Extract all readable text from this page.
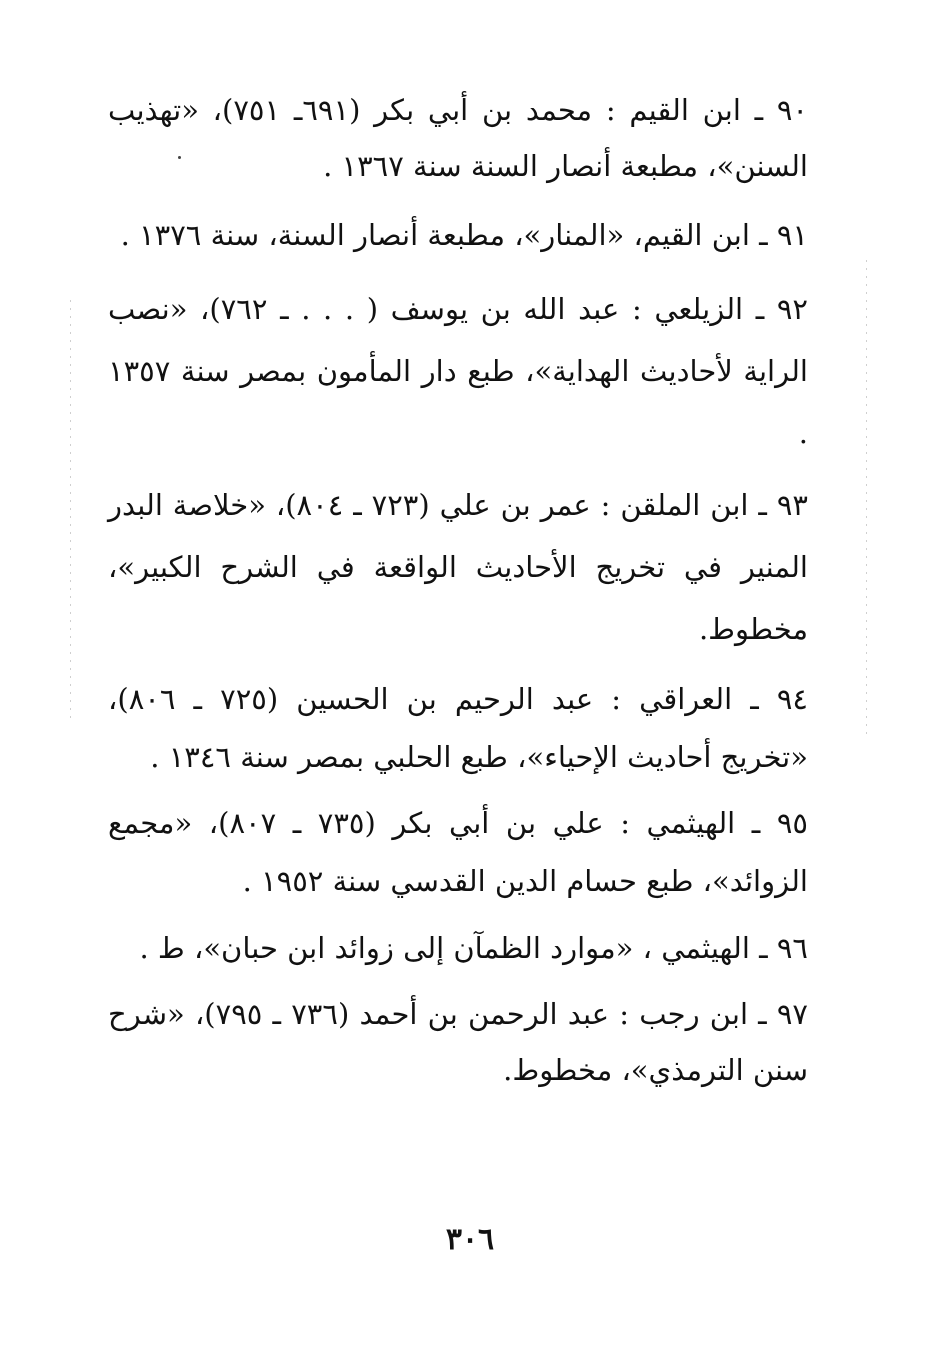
٩٠ ـ ابن القيم : محمد بن أبي بكر (٦٩١ـ ٧٥١)، «تهذيب السنن»، مطبعة أنصار السنة سنة ١٣٦٧ .

٩١ ـ ابن القيم، «المنار»، مطبعة أنصار السنة، سنة ١٣٧٦ .

٩٢ ـ الزيلعي : عبد الله بن يوسف ( . . . ـ ٧٦٢)، «نصب الراية لأحاديث الهداية»، طبع دار المأمون بمصر سنة ١٣٥٧ .

٩٣ ـ ابن الملقن : عمر بن علي (٧٢٣ ـ ٨٠٤)، «خلاصة البدر المنير في تخريج الأحاديث الواقعة في الشرح الكبير»، مخطوط.

٩٤ ـ العراقي : عبد الرحيم بن الحسين (٧٢٥ ـ ٨٠٦)، «تخريج أحاديث الإحياء»، طبع الحلبي بمصر سنة ١٣٤٦ .

٩٥ ـ الهيثمي : علي بن أبي بكر (٧٣٥ ـ ٨٠٧)، «مجمع الزوائد»، طبع حسام الدين القدسي سنة ١٩٥٢ .

٩٦ ـ الهيثمي ، «موارد الظمآن إلى زوائد ابن حبان»، ط .

٩٧ ـ ابن رجب : عبد الرحمن بن أحمد (٧٣٦ ـ ٧٩٥)، «شرح سنن الترمذي»، مخطوط.

٣٠٦
